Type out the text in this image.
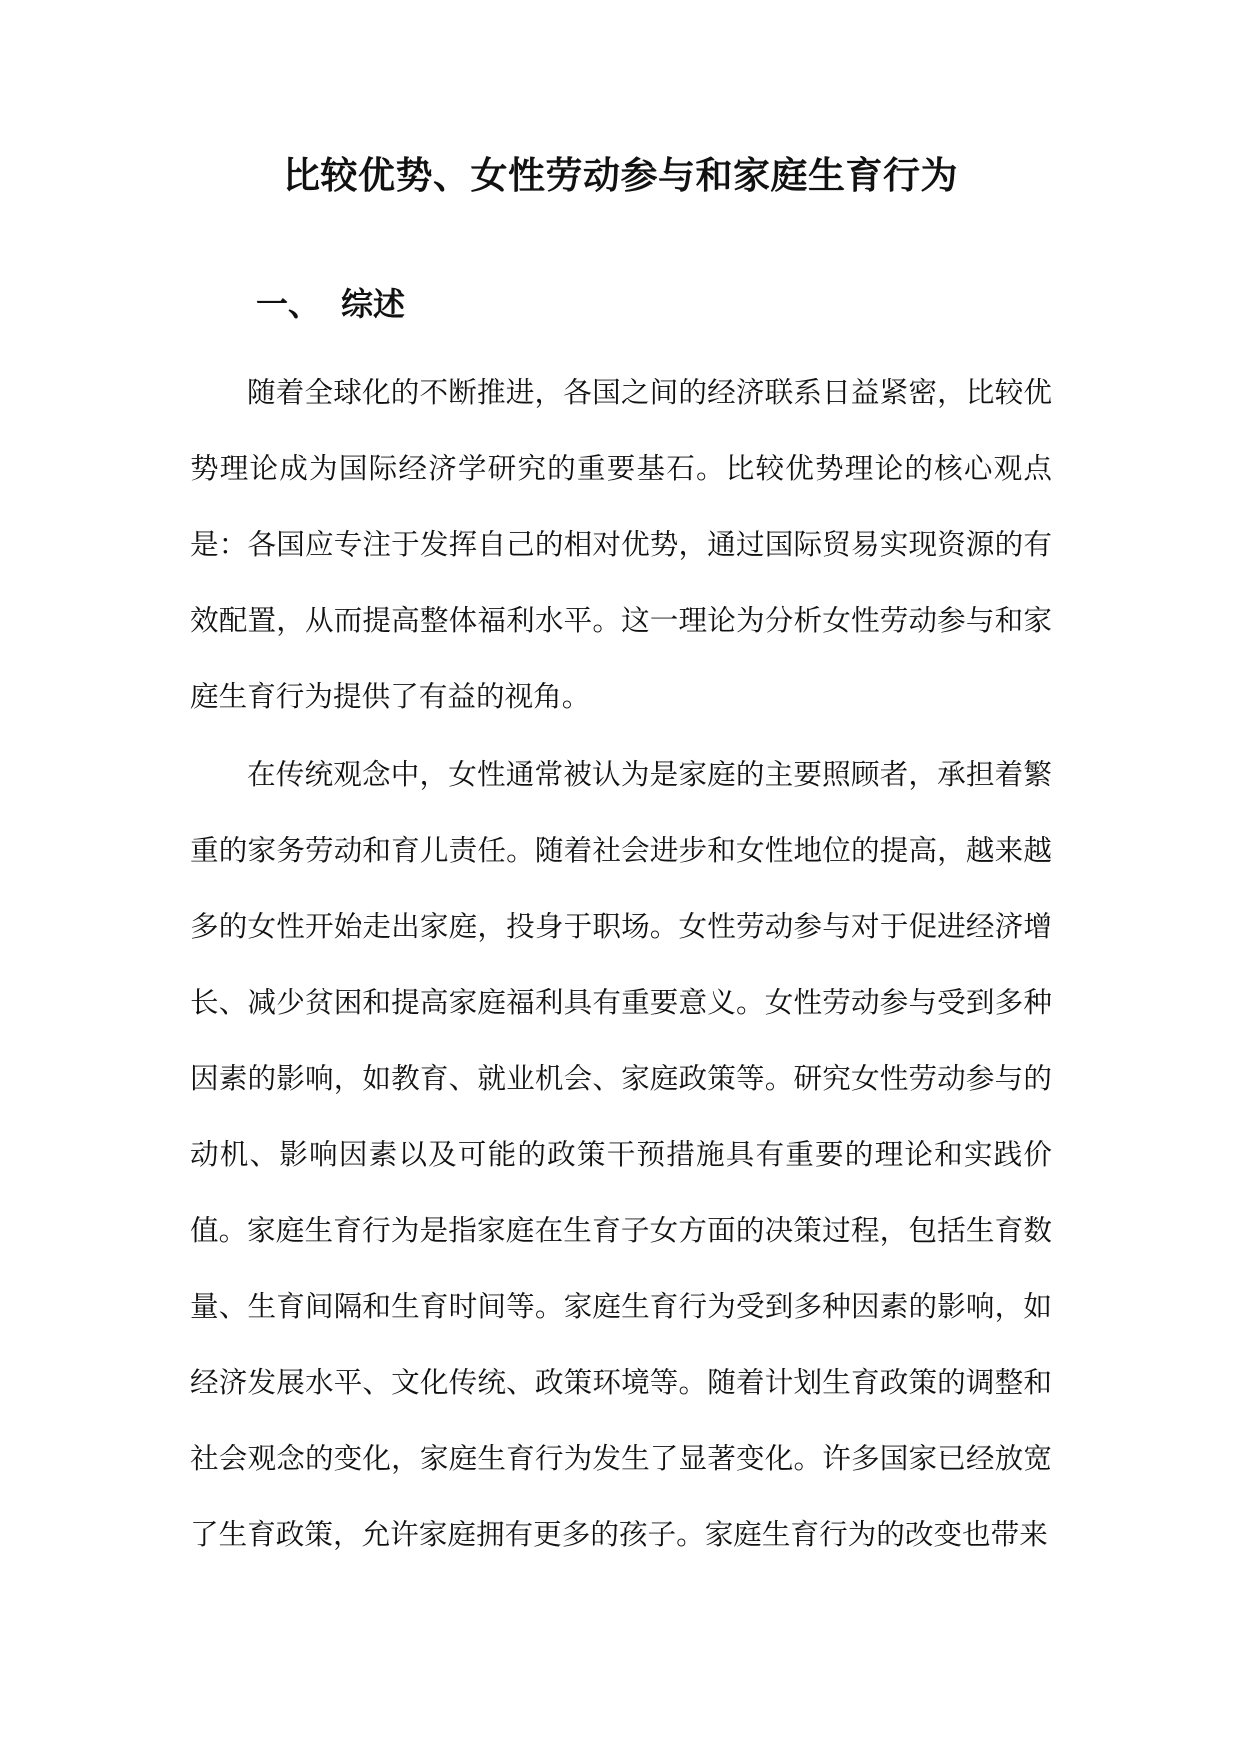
比较优势、女性劳动参与和家庭生育行为
一、 综述

随着全球化的不断推进，各国之间的经济联系日益紧密，比较优势理论成为国际经济学研究的重要基石。比较优势理论的核心观点是：各国应专注于发挥自己的相对优势，通过国际贸易实现资源的有效配置，从而提高整体福利水平。这一理论为分析女性劳动参与和家庭生育行为提供了有益的视角。

在传统观念中，女性通常被认为是家庭的主要照顾者，承担着繁重的家务劳动和育儿责任。随着社会进步和女性地位的提高，越来越多的女性开始走出家庭，投身于职场。女性劳动参与对于促进经济增长、减少贫困和提高家庭福利具有重要意义。女性劳动参与受到多种因素的影响，如教育、就业机会、家庭政策等。研究女性劳动参与的动机、影响因素以及可能的政策干预措施具有重要的理论和实践价值。 家庭生育行为是指家庭在生育子女方面的决策过程，包括生育数量、生育间隔和生育时间等。家庭生育行为受到多种因素的影响，如经济发展水平、文化传统、政策环境等。随着计划生育政策的调整和社会观念的变化，家庭生育行为发生了显著变化。许多国家已经放宽了生育政策，允许家庭拥有更多的孩子。家庭生育行为的改变也带来
